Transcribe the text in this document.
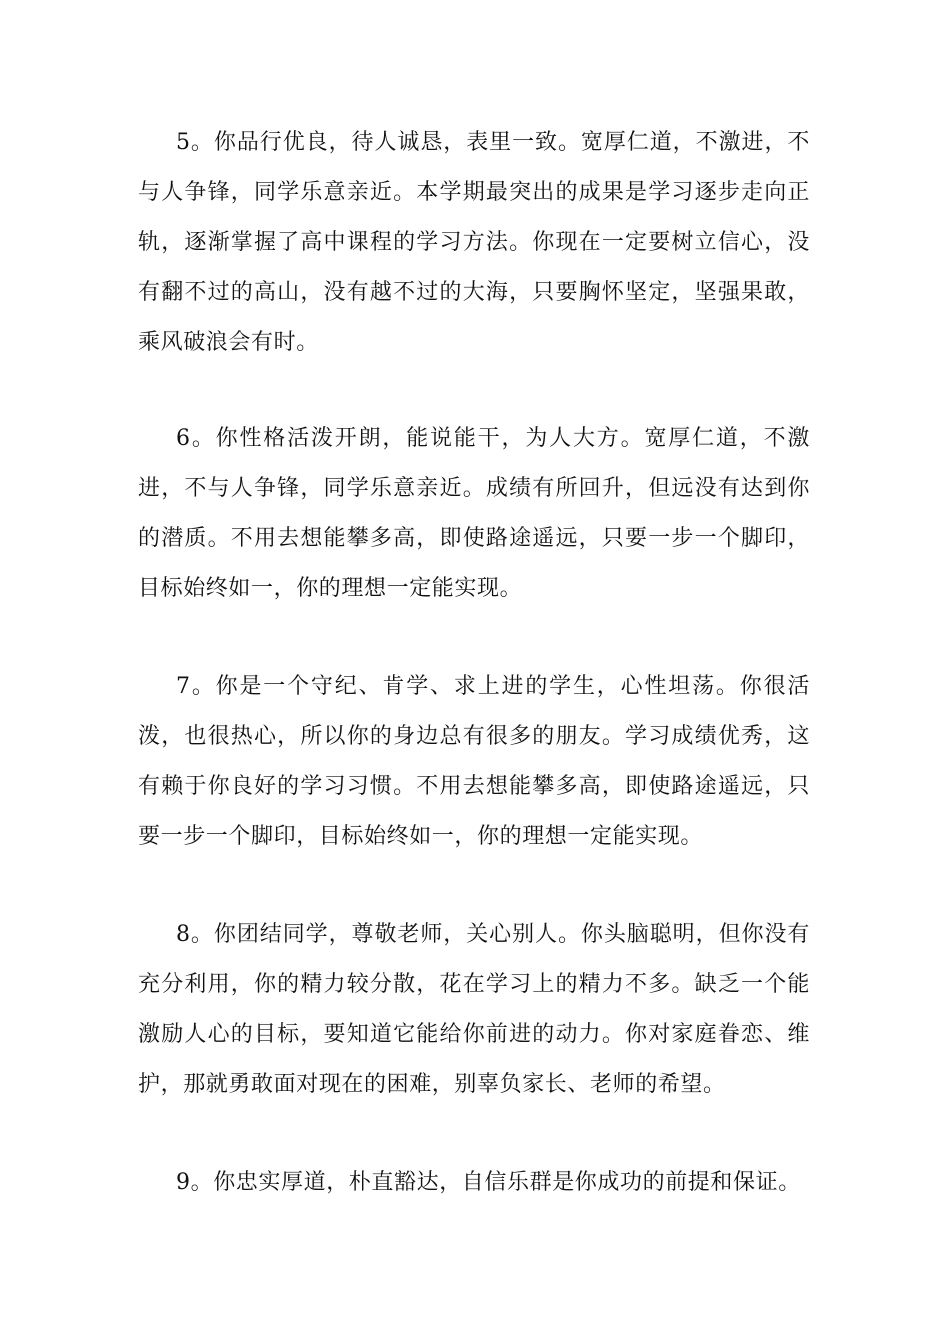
5。你品行优良，待人诚恳，表里一致。宽厚仁道，不激进，不与人争锋，同学乐意亲近。本学期最突出的成果是学习逐步走向正轨，逐渐掌握了高中课程的学习方法。你现在一定要树立信心，没有翻不过的高山，没有越不过的大海，只要胸怀坚定，坚强果敢，乘风破浪会有时。

6。你性格活泼开朗，能说能干，为人大方。宽厚仁道，不激进，不与人争锋，同学乐意亲近。成绩有所回升，但远没有达到你的潜质。不用去想能攀多高，即使路途遥远，只要一步一个脚印，目标始终如一，你的理想一定能实现。

7。你是一个守纪、肯学、求上进的学生，心性坦荡。你很活泼，也很热心，所以你的身边总有很多的朋友。学习成绩优秀，这有赖于你良好的学习习惯。不用去想能攀多高，即使路途遥远，只要一步一个脚印，目标始终如一，你的理想一定能实现。

8。你团结同学，尊敬老师，关心别人。你头脑聪明，但你没有充分利用，你的精力较分散，花在学习上的精力不多。缺乏一个能激励人心的目标，要知道它能给你前进的动力。你对家庭眷恋、维护，那就勇敢面对现在的困难，别辜负家长、老师的希望。

9。你忠实厚道，朴直豁达，自信乐群是你成功的前提和保证。
